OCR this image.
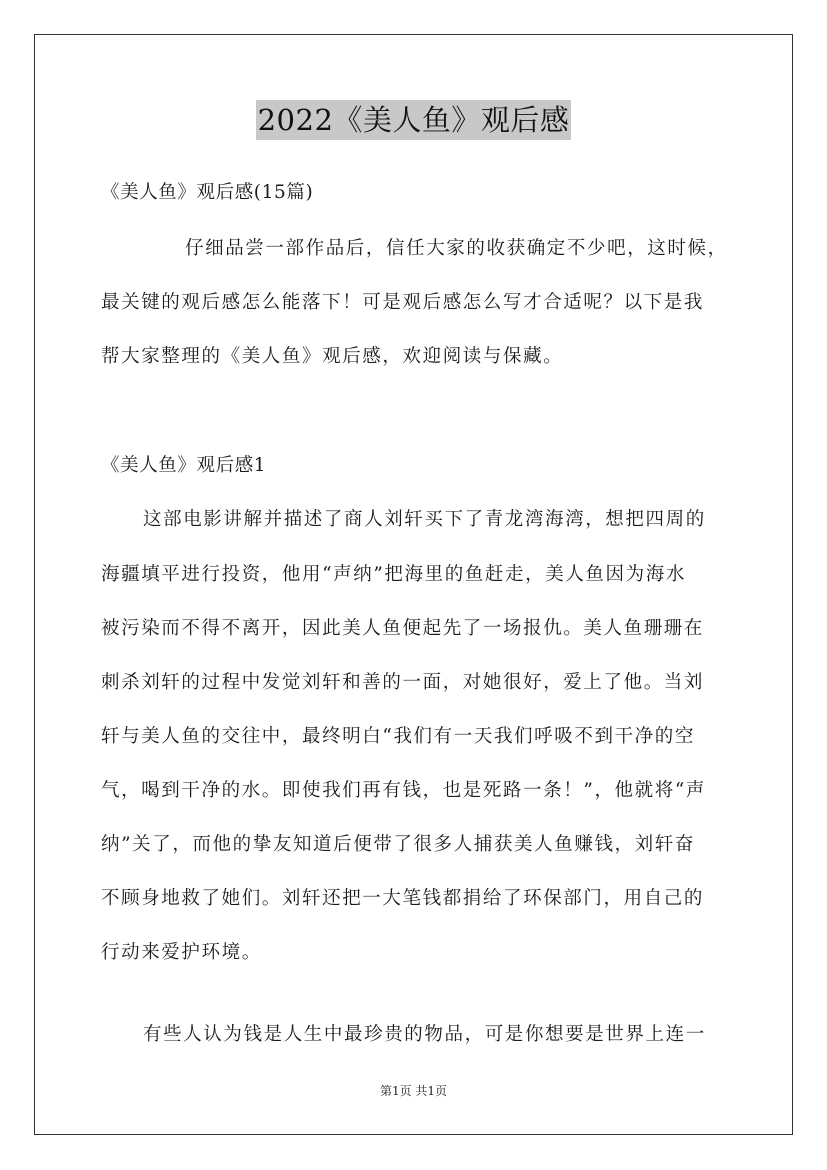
2022《美人鱼》观后感
《美人鱼》观后感(15篇)
仔细品尝一部作品后，信任大家的收获确定不少吧，这时候，
最关键的观后感怎么能落下！可是观后感怎么写才合适呢？以下是我
帮大家整理的《美人鱼》观后感，欢迎阅读与保藏。
《美人鱼》观后感1
这部电影讲解并描述了商人刘轩买下了青龙湾海湾，想把四周的
海疆填平进行投资，他用“声纳”把海里的鱼赶走，美人鱼因为海水
被污染而不得不离开，因此美人鱼便起先了一场报仇。美人鱼珊珊在
刺杀刘轩的过程中发觉刘轩和善的一面，对她很好，爱上了他。当刘
轩与美人鱼的交往中，最终明白“我们有一天我们呼吸不到干净的空
气，喝到干净的水。即使我们再有钱，也是死路一条！”，他就将“声
纳”关了，而他的挚友知道后便带了很多人捕获美人鱼赚钱，刘轩奋
不顾身地救了她们。刘轩还把一大笔钱都捐给了环保部门，用自己的
行动来爱护环境。
有些人认为钱是人生中最珍贵的物品，可是你想要是世界上连一
第1页 共1页
